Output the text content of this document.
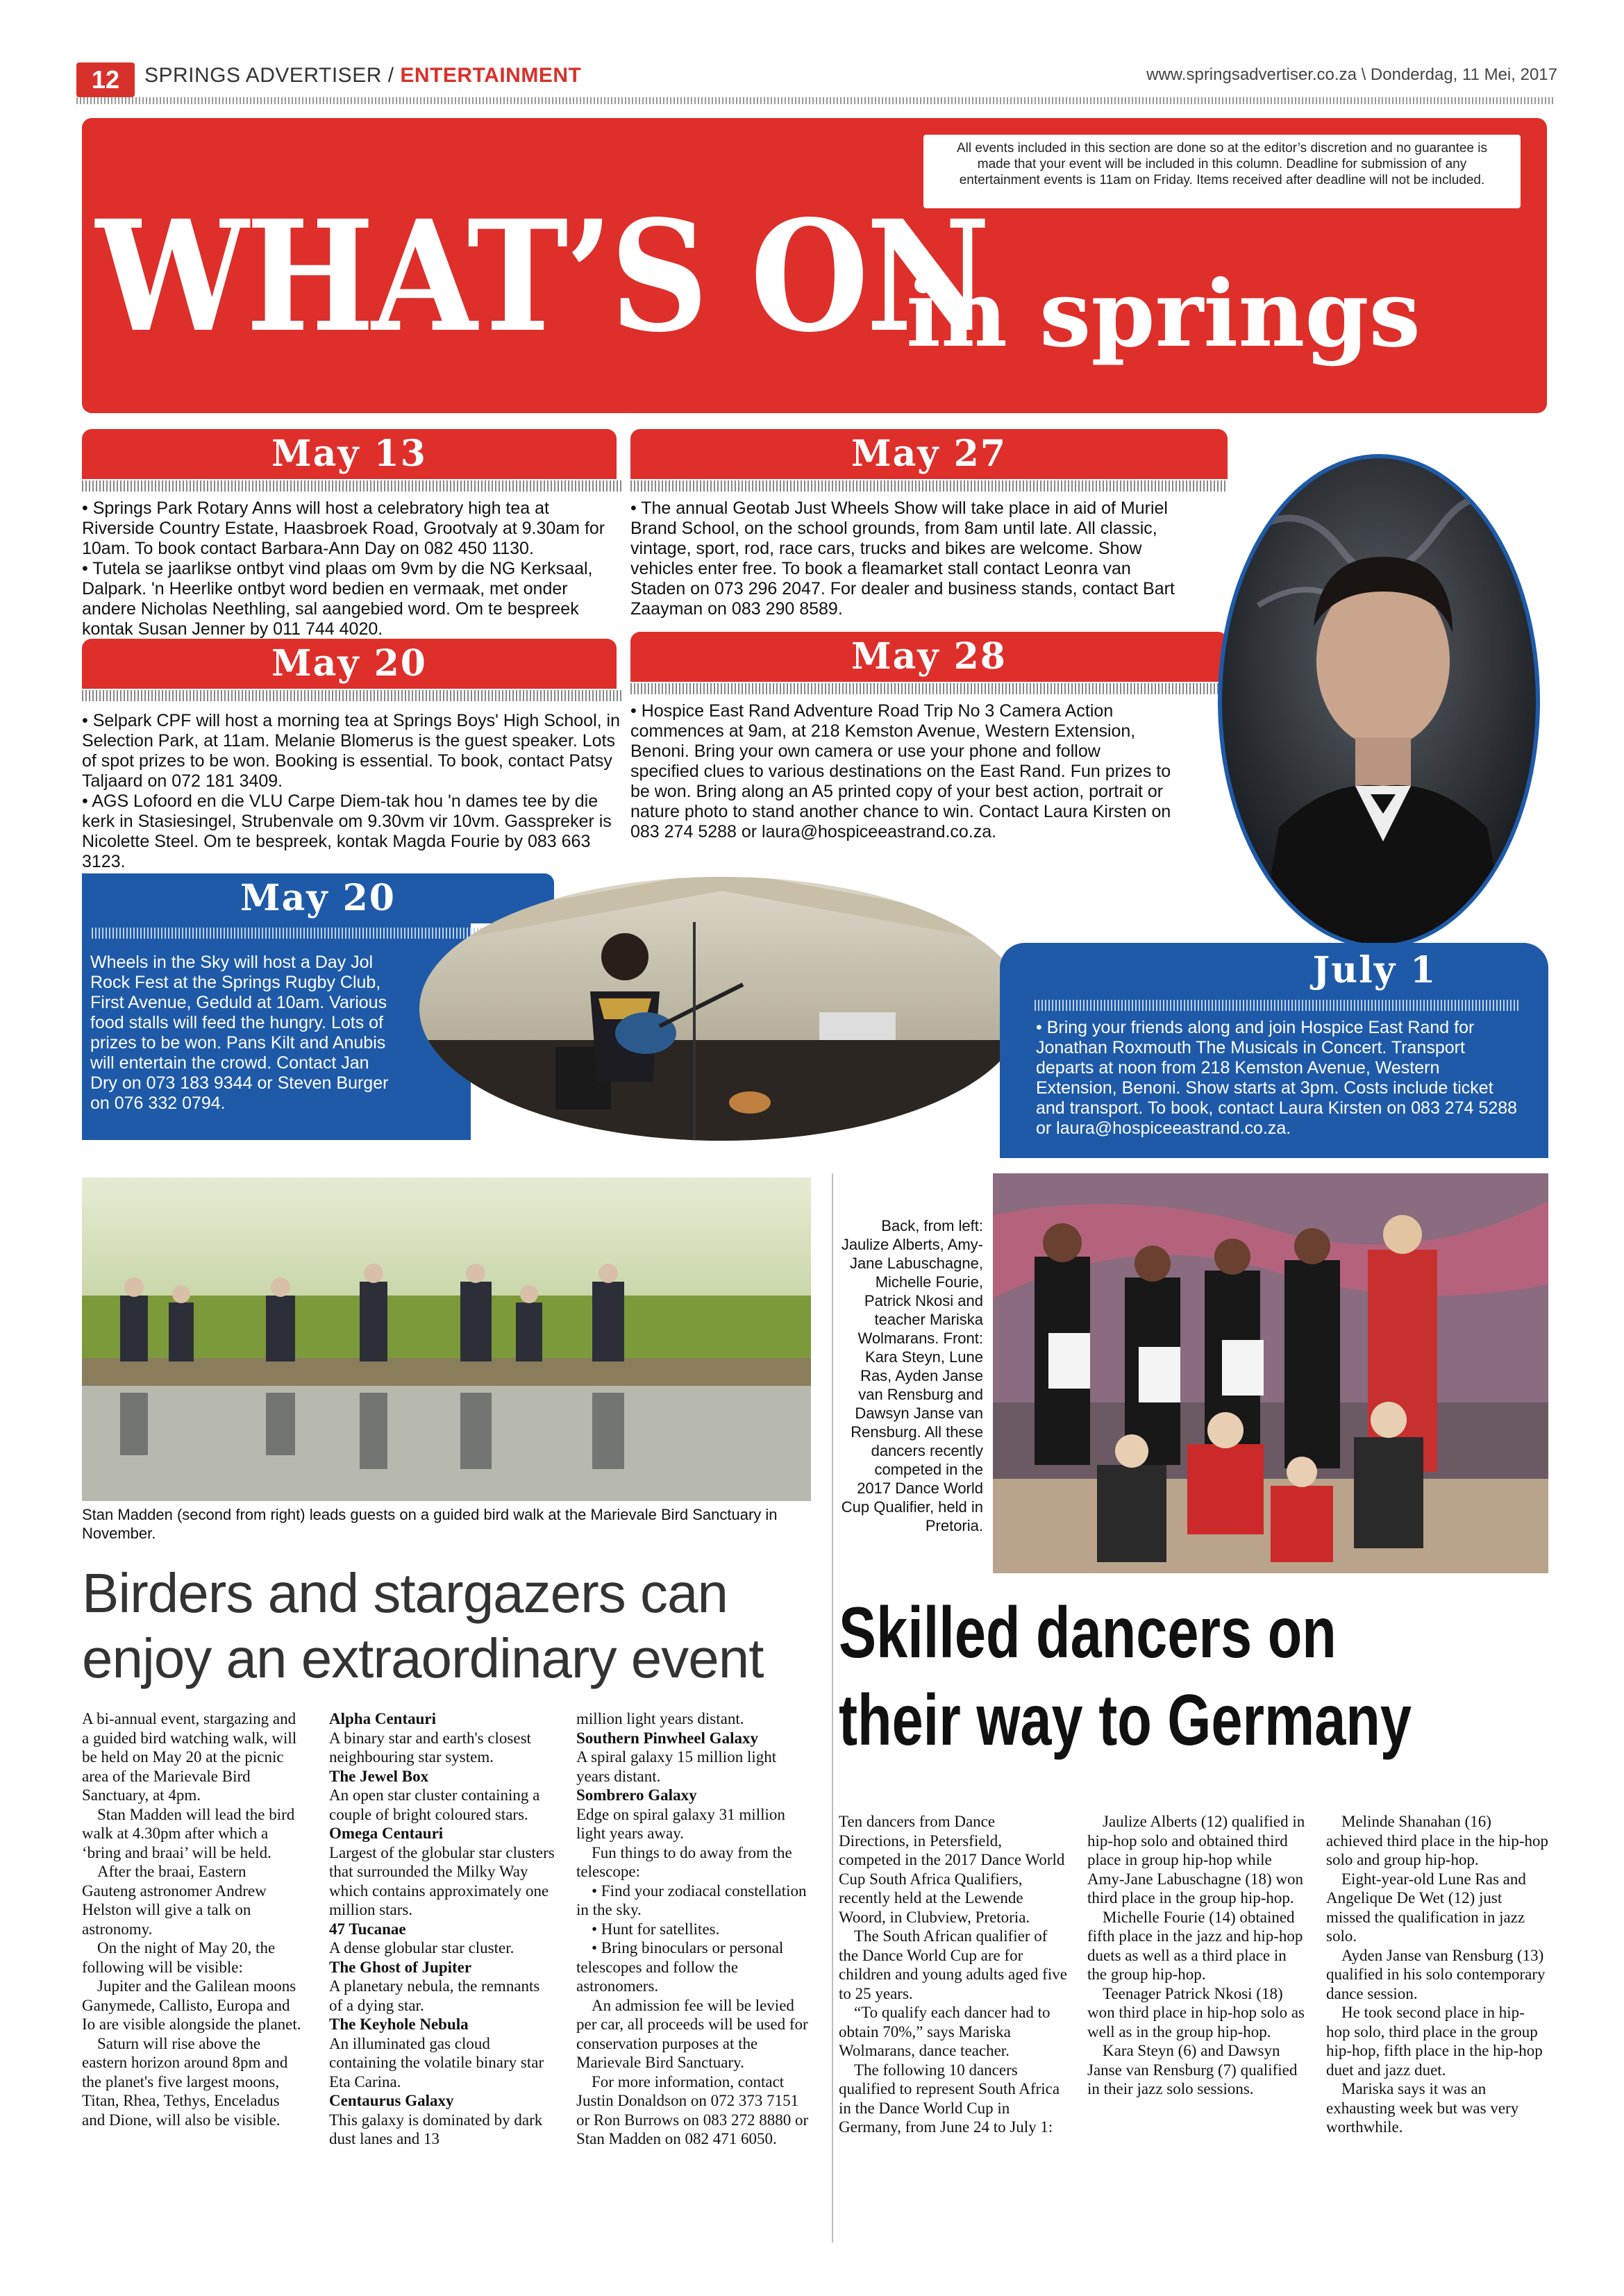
12	SPRINGS ADVERTISER / ENTERTAINMENT	www.springsadvertiser.co.za \ Donderdag, 11 Mei, 2017
All events included in this section are done so at the editor’s discretion and no guarantee is made that your event will be included in this column. Deadline for submission of any entertainment events is 11am on Friday. Items received after deadline will not be included.
WHAT’S ON
in springs
May 13

• Springs Park Rotary Anns will host a celebratory high tea at Riverside Country Estate, Haasbroek Road, Grootvaly at 9.30am for 10am. To book contact Barbara-Ann Day on 082 450 1130.

• Tutela se jaarlikse ontbyt vind plaas om 9vm by die NG Kerksaal, Dalpark. 'n Heerlike ontbyt word bedien en vermaak, met onder andere Nicholas Neethling, sal aangebied word. Om te bespreek kontak Susan Jenner by 011 744 4020.

May 20

• Selpark CPF will host a morning tea at Springs Boys' High School, in Selection Park, at 11am. Melanie Blomerus is the guest speaker. Lots of spot prizes to be won. Booking is essential. To book, contact Patsy Taljaard on 072 181 3409.

• AGS Lofoord en die VLU Carpe Diem-tak hou 'n dames tee by die kerk in Stasiesingel, Strubenvale om 9.30vm vir 10vm. Gasspreker is Nicolette Steel. Om te bespreek, kontak Magda Fourie by 083 663 3123.

May 27

• The annual Geotab Just Wheels Show will take place in aid of Muriel Brand School, on the school grounds, from 8am until late. All classic, vintage, sport, rod, race cars, trucks and bikes are welcome. Show vehicles enter free. To book a fleamarket stall contact Leonra van Staden on 073 296 2047. For dealer and business stands, contact Bart Zaayman on 083 290 8589.

May 28

• Hospice East Rand Adventure Road Trip No 3 Camera Action commences at 9am, at 218 Kemston Avenue, Western Extension, Benoni. Bring your own camera or use your phone and follow specified clues to various destinations on the East Rand. Fun prizes to be won. Bring along an A5 printed copy of your best action, portrait or nature photo to stand another chance to win. Contact Laura Kirsten on 083 274 5288 or laura@hospiceeastrand.co.za.

May 20

Wheels in the Sky will host a Day Jol Rock Fest at the Springs Rugby Club, First Avenue, Geduld at 10am. Various food stalls will feed the hungry. Lots of prizes to be won. Pans Kilt and Anubis will entertain the crowd. Contact Jan Dry on 073 183 9344 or Steven Burger on 076 332 0794.

July 1

• Bring your friends along and join Hospice East Rand for Jonathan Roxmouth The Musicals in Concert. Transport departs at noon from 218 Kemston Avenue, Western Extension, Benoni. Show starts at 3pm. Costs include ticket and transport. To book, contact Laura Kirsten on 083 274 5288 or laura@hospiceeastrand.co.za.

Stan Madden (second from right) leads guests on a guided bird walk at the Marievale Bird Sanctuary in November.
Birders and stargazers can enjoy an extraordinary event

A bi-annual event, stargazing and a guided bird watching walk, will be held on May 20 at the picnic area of the Marievale Bird Sanctuary, at 4pm.

Stan Madden will lead the bird walk at 4.30pm after which a ‘bring and braai’ will be held.

After the braai, Eastern Gauteng astronomer Andrew Helston will give a talk on astronomy.

On the night of May 20, the following will be visible:

Jupiter and the Galilean moons Ganymede, Callisto, Europa and Io are visible alongside the planet.

Saturn will rise above the eastern horizon around 8pm and the planet's five largest moons, Titan, Rhea, Tethys, Enceladus and Dione, will also be visible.

Alpha Centauri

A binary star and earth's closest neighbouring star system.

The Jewel Box

An open star cluster containing a couple of bright coloured stars.

Omega Centauri

Largest of the globular star clusters that surrounded the Milky Way which contains approximately one million stars.

47 Tucanae

A dense globular star cluster.

The Ghost of Jupiter

A planetary nebula, the remnants of a dying star.

The Keyhole Nebula

An illuminated gas cloud containing the volatile binary star Eta Carina.

Centaurus Galaxy

This galaxy is dominated by dark dust lanes and 13

million light years distant.

Southern Pinwheel Galaxy

A spiral galaxy 15 million light years distant.

Sombrero Galaxy

Edge on spiral galaxy 31 million light years away.

Fun things to do away from the telescope:

• Find your zodiacal constellation in the sky.

• Hunt for satellites.

• Bring binoculars or personal telescopes and follow the astronomers.

An admission fee will be levied per car, all proceeds will be used for conservation purposes at the Marievale Bird Sanctuary.

For more information, contact Justin Donaldson on 072 373 7151 or Ron Burrows on 083 272 8880 or Stan Madden on 082 471 6050.

Back, from left: Jaulize Alberts, Amy-Jane Labuschagne, Michelle Fourie, Patrick Nkosi and teacher Mariska Wolmarans. Front: Kara Steyn, Lune Ras, Ayden Janse van Rensburg and Dawsyn Janse van Rensburg. All these dancers recently competed in the 2017 Dance World Cup Qualifier, held in Pretoria.
Skilled dancers on
their way to Germany

Ten dancers from Dance Directions, in Petersfield, competed in the 2017 Dance World Cup South Africa Qualifiers, recently held at the Lewende Woord, in Clubview, Pretoria.

The South African qualifier of the Dance World Cup are for children and young adults aged five to 25 years.

“To qualify each dancer had to obtain 70%,” says Mariska Wolmarans, dance teacher.

The following 10 dancers qualified to represent South Africa in the Dance World Cup in Germany, from June 24 to July 1:

Jaulize Alberts (12) qualified in hip-hop solo and obtained third place in group hip-hop while Amy-Jane Labuschagne (18) won third place in the group hip-hop.

Michelle Fourie (14) obtained fifth place in the jazz and hip-hop duets as well as a third place in the group hip-hop.

Teenager Patrick Nkosi (18) won third place in hip-hop solo as well as in the group hip-hop.

Kara Steyn (6) and Dawsyn Janse van Rensburg (7) qualified in their jazz solo sessions.

Melinde Shanahan (16) achieved third place in the hip-hop solo and group hip-hop.

Eight-year-old Lune Ras and Angelique De Wet (12) just missed the qualification in jazz solo.

Ayden Janse van Rensburg (13) qualified in his solo contemporary dance session.

He took second place in hip-hop solo, third place in the group hip-hop, fifth place in the hip-hop duet and jazz duet.

Mariska says it was an exhausting week but was very worthwhile.
